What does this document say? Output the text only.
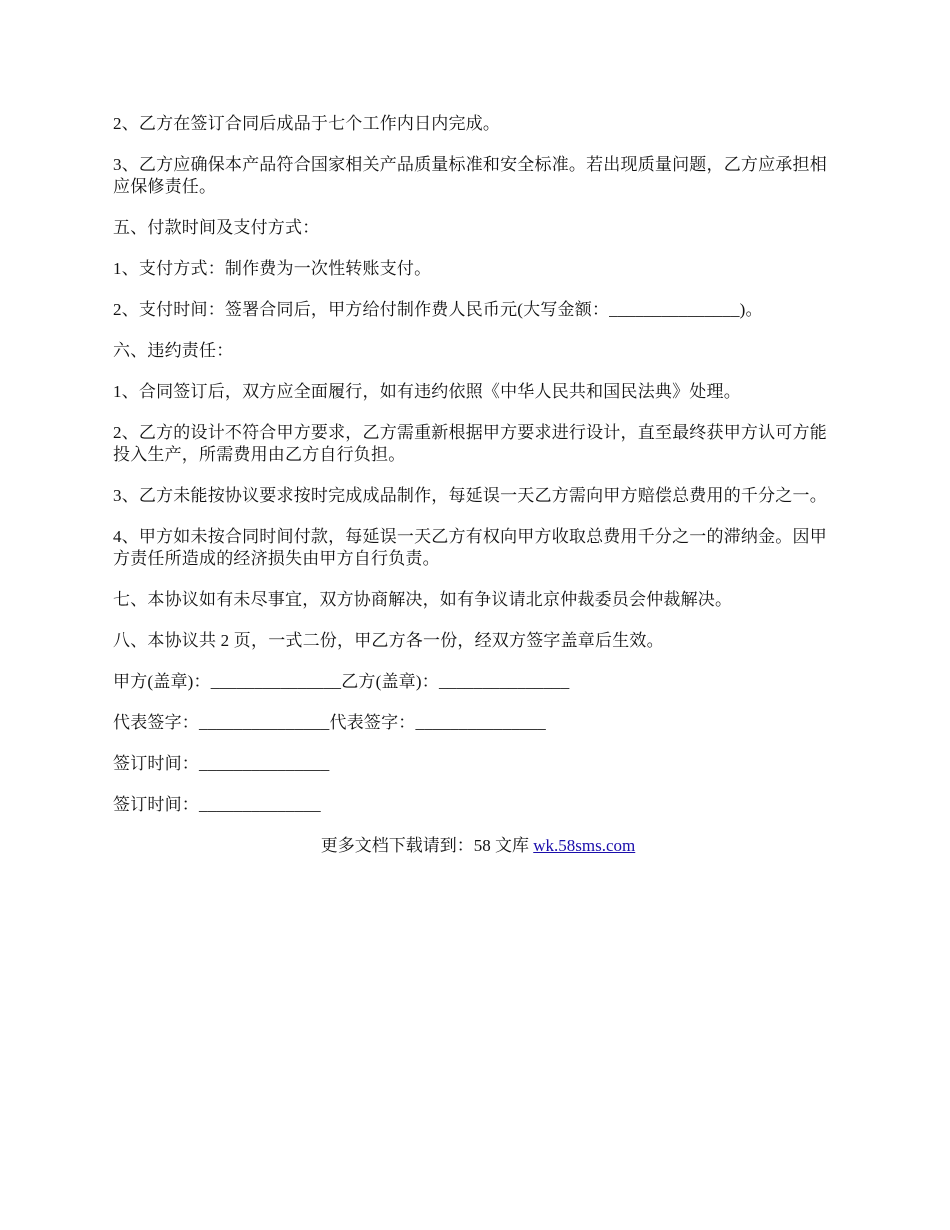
2、乙方在签订合同后成品于七个工作内日内完成。

3、乙方应确保本产品符合国家相关产品质量标准和安全标准。若出现质量问题，乙方应承担相应保修责任。

五、付款时间及支付方式：

1、支付方式：制作费为一次性转账支付。

2、支付时间：签署合同后，甲方给付制作费人民币元(大写金额：_______________)。

六、违约责任：

1、合同签订后，双方应全面履行，如有违约依照《中华人民共和国民法典》处理。

2、乙方的设计不符合甲方要求，乙方需重新根据甲方要求进行设计，直至最终获甲方认可方能投入生产，所需费用由乙方自行负担。

3、乙方未能按协议要求按时完成成品制作，每延误一天乙方需向甲方赔偿总费用的千分之一。

4、甲方如未按合同时间付款，每延误一天乙方有权向甲方收取总费用千分之一的滞纳金。因甲方责任所造成的经济损失由甲方自行负责。

七、本协议如有未尽事宜，双方协商解决，如有争议请北京仲裁委员会仲裁解决。

八、本协议共 2 页，一式二份，甲乙方各一份，经双方签字盖章后生效。

甲方(盖章)：_______________乙方(盖章)：_______________

代表签字：_______________代表签字：_______________

签订时间：_______________

签订时间：______________

更多文档下载请到：58 文库 wk.58sms.com
